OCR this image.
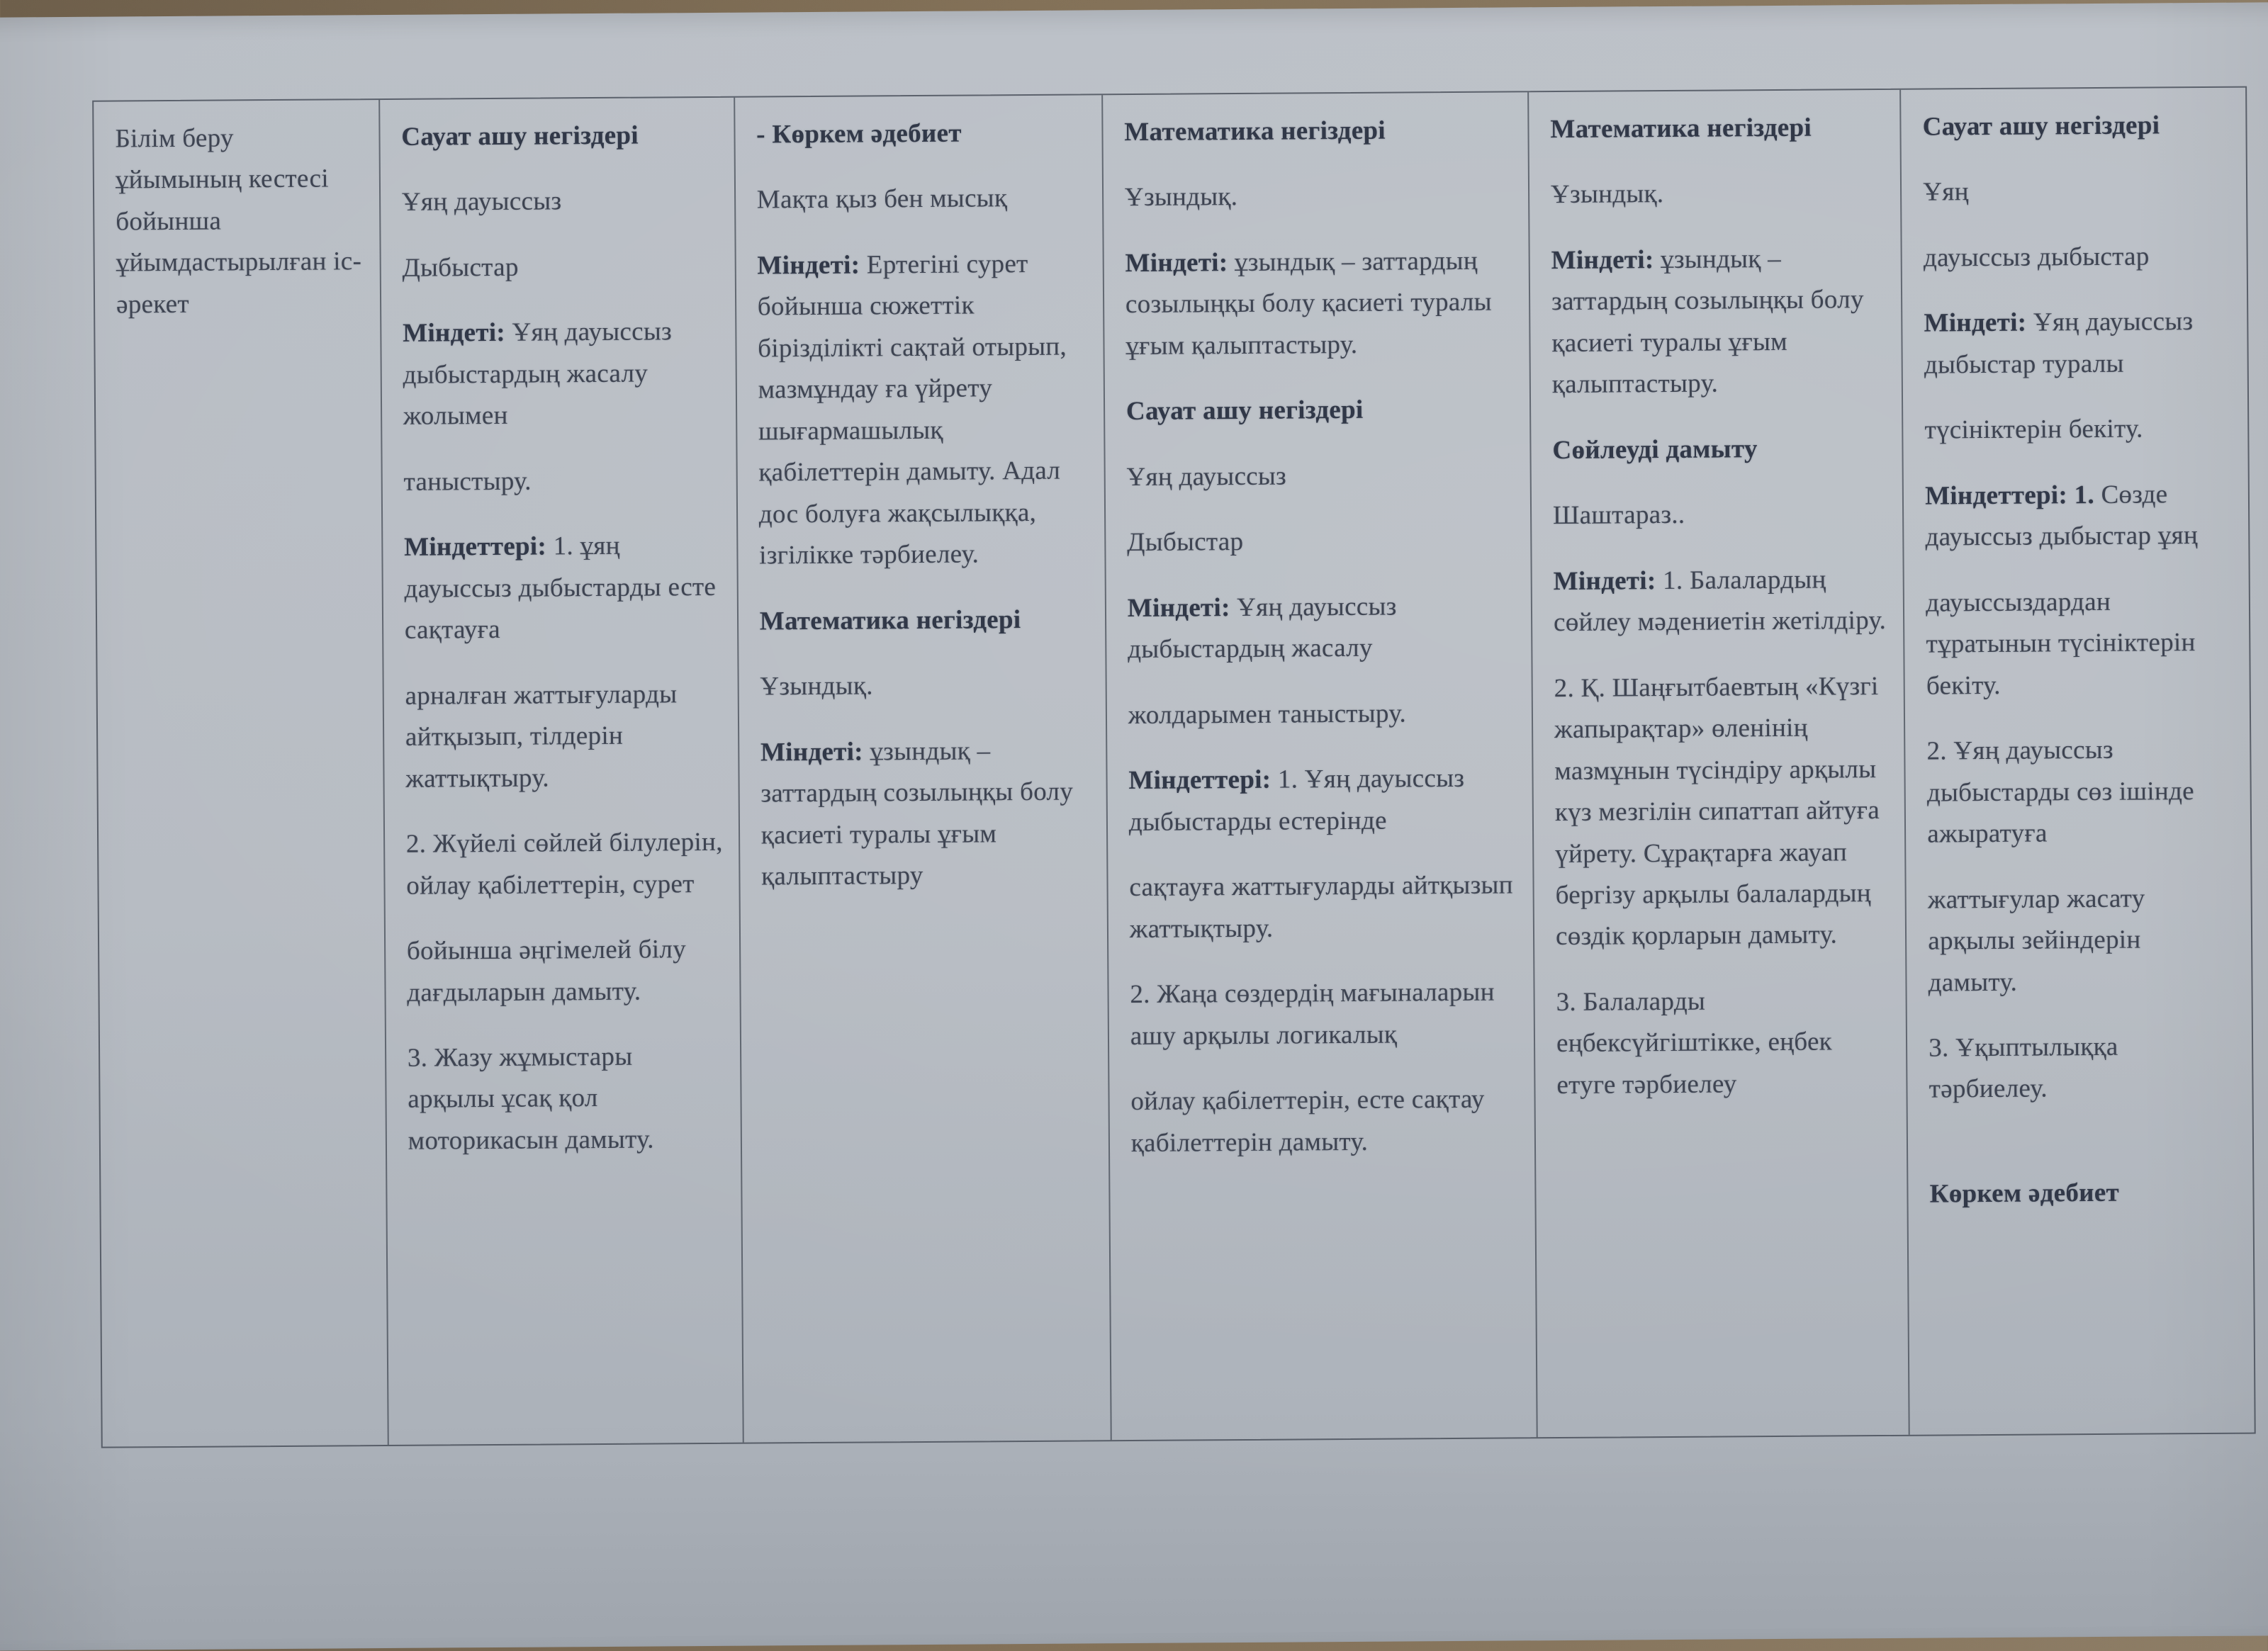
Білім беру ұйымының кестесі бойынша ұйымдастырылған іс-әрекет

Сауат ашу негіздері

Ұяң дауыссыз

Дыбыстар

Міндеті: Ұяң дауыссыз дыбыстардың жасалу жолымен

таныстыру.

Міндеттері: 1. ұяң дауыссыз дыбыстарды есте сақтауға

арналған жаттығуларды айтқызып, тілдерін жаттықтыру.

2. Жүйелі сөйлей білулерін, ойлау қабілеттерін, сурет

бойынша әңгімелей білу дағдыларын дамыту.

3. Жазу жұмыстары арқылы ұсақ қол моторикасын дамыту.

- Көркем әдебиет

Мақта қыз бен мысық

Міндеті: Ертегіні сурет бойынша сюжеттік бірізділікті сақтай отырып, мазмұндау ға үйрету шығармашылық қабілеттерін дамыту. Адал дос болуға жақсылыққа, ізгілікке тәрбиелеу.

Математика негіздері

Ұзындық.

Міндеті: ұзындық – заттардың созылыңқы болу қасиеті туралы ұғым қалыптастыру

Математика негіздері

Ұзындық.

Міндеті: ұзындық – заттардың созылыңқы болу қасиеті туралы ұғым қалыптастыру.

Сауат ашу негіздері

Ұяң дауыссыз

Дыбыстар

Міндеті: Ұяң дауыссыз дыбыстардың жасалу

жолдарымен таныстыру.

Міндеттері: 1. Ұяң дауыссыз дыбыстарды естерінде

сақтауға жаттығуларды айтқызып жаттықтыру.

2. Жаңа сөздердің мағыналарын ашу арқылы логикалық

ойлау қабілеттерін, есте сақтау қабілеттерін дамыту.

Математика негіздері

Ұзындық.

Міндеті: ұзындық – заттардың созылыңқы болу қасиеті туралы ұғым қалыптастыру.

Сөйлеуді дамыту

Шаштараз..

Міндеті: 1. Балалардың сөйлеу мәдениетін жетілдіру.

2. Қ. Шаңғытбаевтың «Күзгі жапырақтар» өленінің мазмұнын түсіндіру арқылы күз мезгілін сипаттап айтуға үйрету. Сұрақтарға жауап бергізу арқылы балалардың сөздік қорларын дамыту.

3. Балаларды еңбексүйгіштікке, еңбек етуге тәрбиелеу

Сауат ашу негіздері

Ұяң

дауыссыз дыбыстар

Міндеті: Ұяң дауыссыз дыбыстар туралы

түсініктерін бекіту.

Міндеттері: 1. Сөзде дауыссыз дыбыстар ұяң

дауыссыздардан тұратынын түсініктерін бекіту.

2. Ұяң дауыссыз дыбыстарды сөз ішінде ажыратуға

жаттығулар жасату арқылы зейіндерін дамыту.

3. Ұқыптылыққа тәрбиелеу.

Көркем әдебиет
